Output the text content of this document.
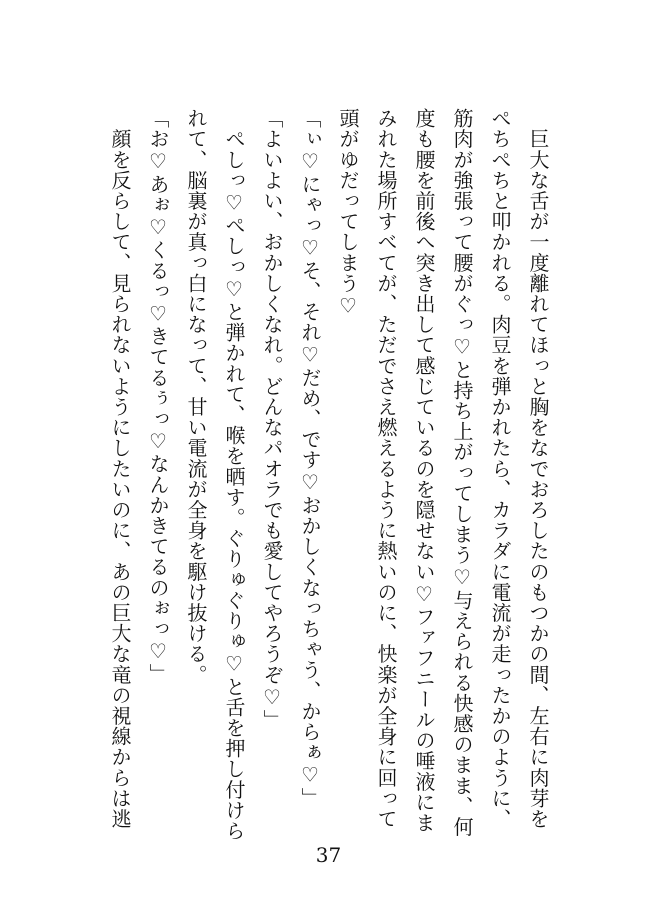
　巨大な舌が一度離れてほっと胸をなでおろしたのもつかの間、左右に肉芽を

ぺちぺちと叩かれる。肉豆を弾かれたら、カラダに電流が走ったかのように、

筋肉が強張って腰がぐっ♡と持ち上がってしまう♡与えられる快感のまま、何

度も腰を前後へ突き出して感じているのを隠せない♡ファフニールの唾液にま

みれた場所すべてが、ただでさえ燃えるように熱いのに、快楽が全身に回って

頭がゆだってしまう♡

「ぃ♡にゃっ♡そ、それ♡だめ、です♡おかしくなっちゃう、からぁ♡」

「よいよい、おかしくなれ。どんなパオラでも愛してやろうぞ♡」

　ぺしっ♡ぺしっ♡と弾かれて、喉を晒す。ぐりゅぐりゅ♡と舌を押し付けら

れて、脳裏が真っ白になって、甘い電流が全身を駆け抜ける。

「お♡あぉ♡くるっ♡きてるぅっ♡なんかきてるのぉっ♡」

　顔を反らして、見られないようにしたいのに、あの巨大な竜の視線からは逃

37
